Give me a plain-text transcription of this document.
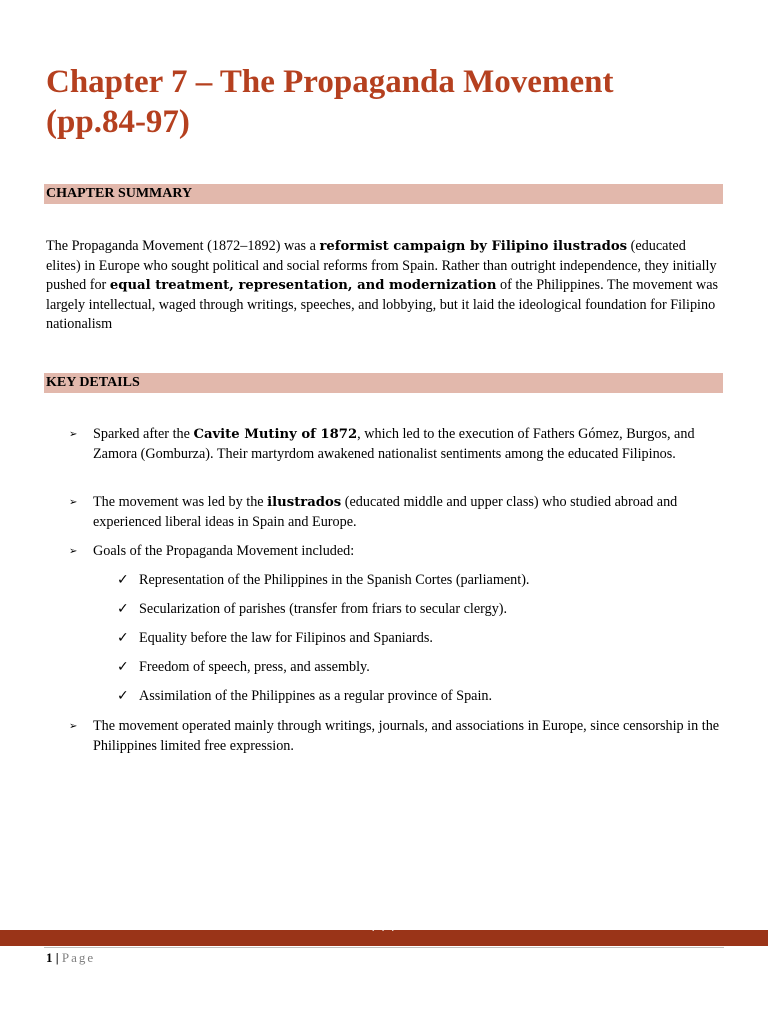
Chapter 7 – The Propaganda Movement
(pp.84-97)
CHAPTER SUMMARY

The Propaganda Movement (1872–1892) was a reformist campaign by Filipino ilustrados (educated elites) in Europe who sought political and social reforms from Spain. Rather than outright independence, they initially pushed for equal treatment, representation, and modernization of the Philippines. The movement was largely intellectual, waged through writings, speeches, and lobbying, but it laid the ideological foundation for Filipino nationalism

KEY DETAILS

➢ Sparked after the Cavite Mutiny of 1872, which led to the execution of Fathers Gómez, Burgos, and Zamora (Gomburza). Their martyrdom awakened nationalist sentiments among the educated Filipinos.

➢ The movement was led by the ilustrados (educated middle and upper class) who studied abroad and experienced liberal ideas in Spain and Europe.

➢ Goals of the Propaganda Movement included:

✓ Representation of the Philippines in the Spanish Cortes (parliament).

✓ Secularization of parishes (transfer from friars to secular clergy).

✓ Equality before the law for Filipinos and Spaniards.

✓ Freedom of speech, press, and assembly.

✓ Assimilation of the Philippines as a regular province of Spain.

➢ The movement operated mainly through writings, journals, and associations in Europe, since censorship in the Philippines limited free expression.

· · ·
1 | Page
